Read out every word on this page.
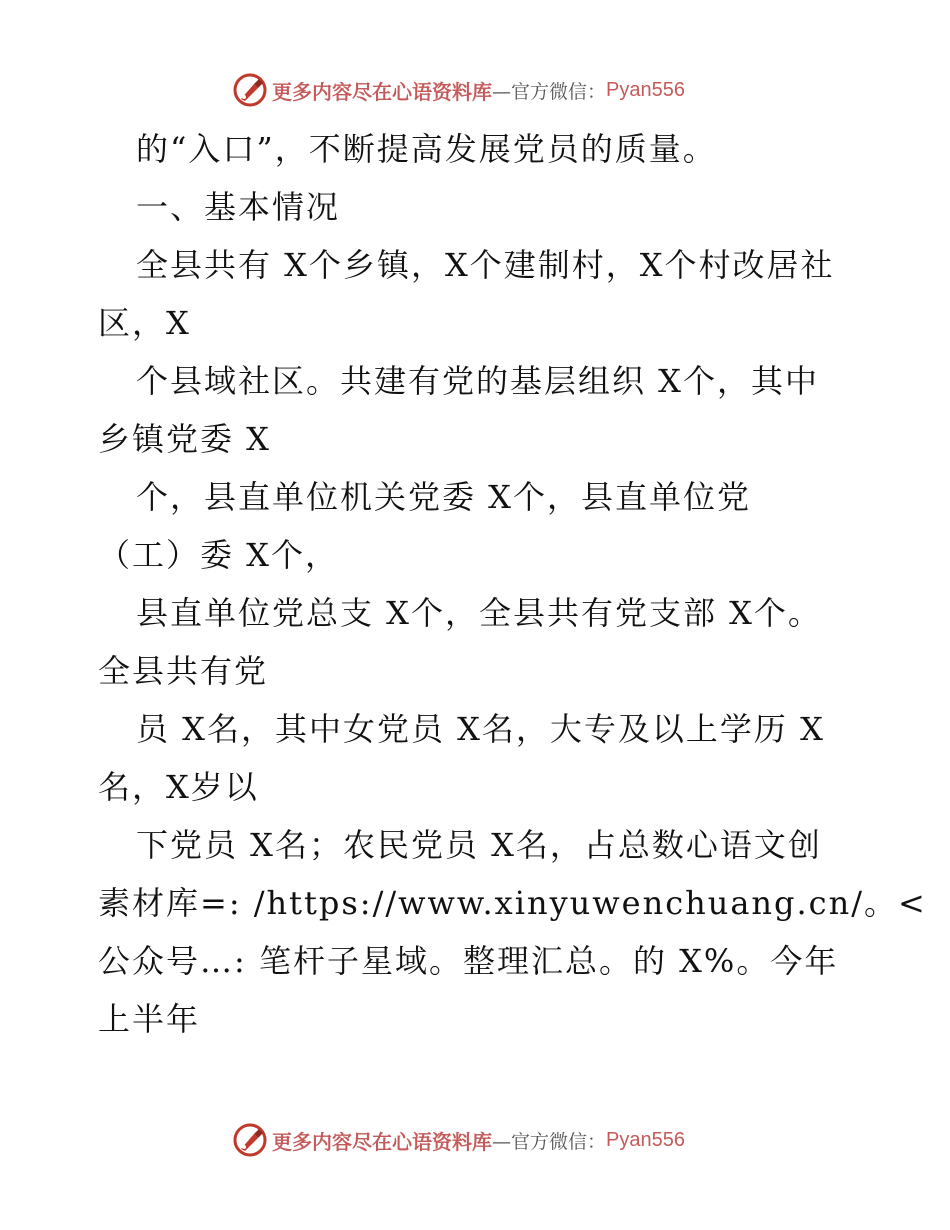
更多内容尽在心语资料库 —官方微信： Pyan556
的“入口”，不断提高发展党员的质量。
一、基本情况
全县共有 X个乡镇，X个建制村，X个村改居社
区，X
个县域社区。共建有党的基层组织 X个，其中
乡镇党委 X
个，县直单位机关党委 X个，县直单位党
（工）委 X个，
县直单位党总支 X个，全县共有党支部 X个。
全县共有党
员 X名，其中女党员 X名，大专及以上学历 X
名，X岁以
下党员 X名；农民党员 X名，占总数心语文创
素材库=: /https://www.xinyuwenchuang.cn/。<
公众号…: 笔杆子星域。整理汇总。的 X%。今年
上半年
更多内容尽在心语资料库 —官方微信： Pyan556
